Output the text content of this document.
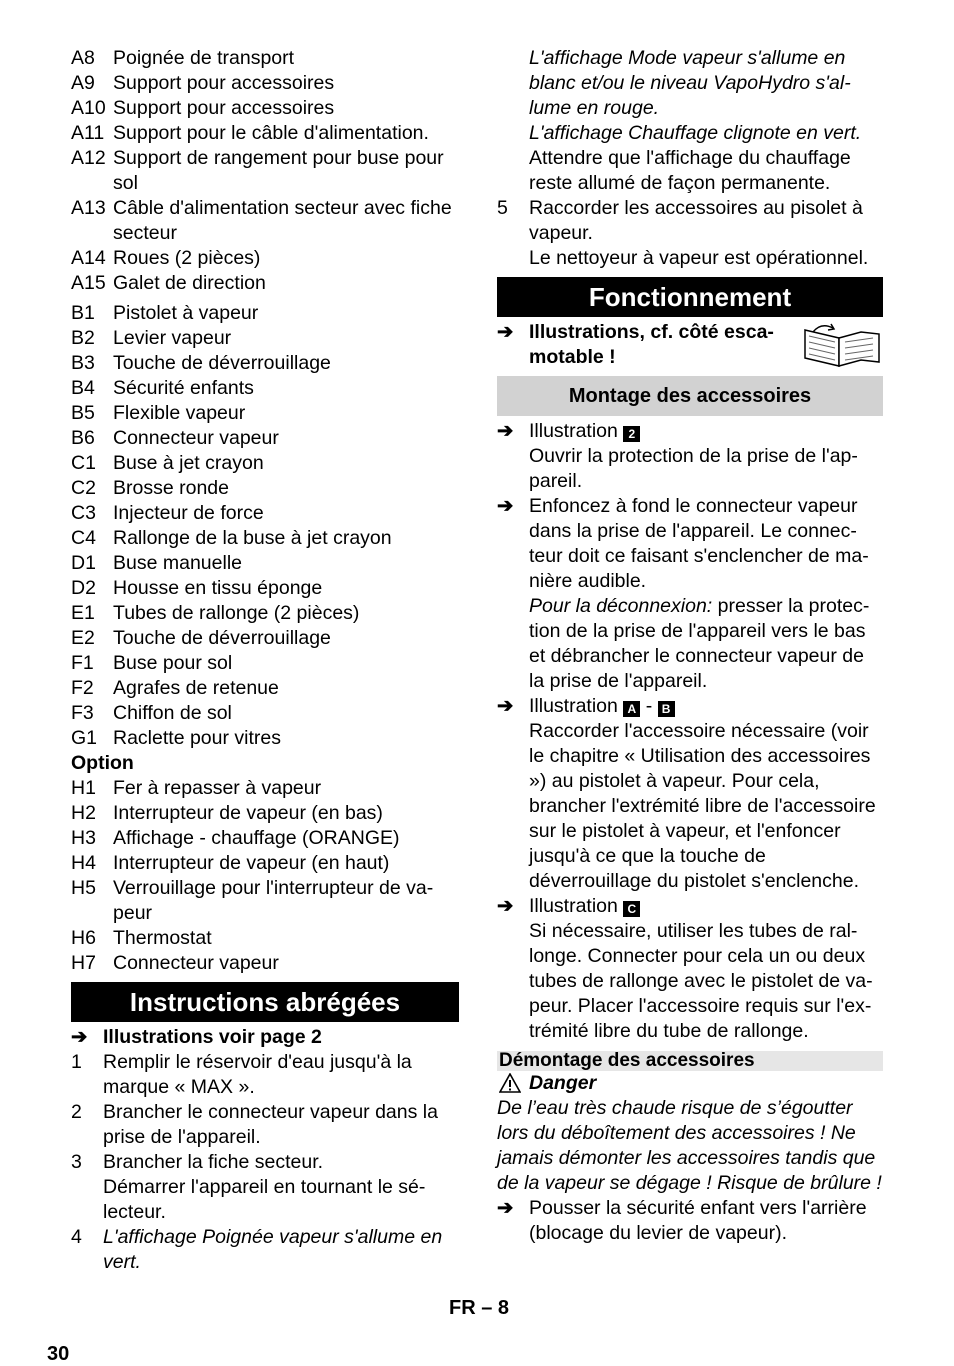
A8 Poignée de transport
A9 Support pour accessoires
A10 Support pour accessoires
A11 Support pour le câble d'alimentation.
A12 Support de rangement pour buse pour sol
A13 Câble d'alimentation secteur avec fiche secteur
A14 Roues (2 pièces)
A15 Galet de direction
B1 Pistolet à vapeur
B2 Levier vapeur
B3 Touche de déverrouillage
B4 Sécurité enfants
B5 Flexible vapeur
B6 Connecteur vapeur
C1 Buse à jet crayon
C2 Brosse ronde
C3 Injecteur de force
C4 Rallonge de la buse à jet crayon
D1 Buse manuelle
D2 Housse en tissu éponge
E1 Tubes de rallonge (2 pièces)
E2 Touche de déverrouillage
F1 Buse pour sol
F2 Agrafes de retenue
F3 Chiffon de sol
G1 Raclette pour vitres
Option
H1 Fer à repasser à vapeur
H2 Interrupteur de vapeur (en bas)
H3 Affichage - chauffage (ORANGE)
H4 Interrupteur de vapeur (en haut)
H5 Verrouillage pour l'interrupteur de va-peur
H6 Thermostat
H7 Connecteur vapeur
Instructions abrégées
➔ Illustrations voir page 2
1	Remplir le réservoir d'eau jusqu'à la marque « MAX ».
2	Brancher le connecteur vapeur dans la prise de l'appareil.
3	Brancher la fiche secteur.
Démarrer l'appareil en tournant le sé-lecteur.
4	L'affichage Poignée vapeur s'allume en vert.
30
L'affichage Mode vapeur s'allume en blanc et/ou le niveau VapoHydro s'al-lume en rouge.
L'affichage Chauffage clignote en vert.
Attendre que l'affichage du chauffage reste allumé de façon permanente.
5	Raccorder les accessoires au pisolet à vapeur.
Le nettoyeur à vapeur est opérationnel.
Fonctionnement
➔ Illustrations, cf. côté esca-motable !
Montage des accessoires
➔ Illustration 2
Ouvrir la protection de la prise de l'ap-pareil.
➔ Enfoncez à fond le connecteur vapeur dans la prise de l'appareil. Le connec-teur doit ce faisant s'enclencher de ma-nière audible.
Pour la déconnexion: presser la protec-tion de la prise de l'appareil vers le bas et débrancher le connecteur vapeur de la prise de l'appareil.
➔ Illustration A - B
Raccorder l'accessoire nécessaire (voir le chapitre « Utilisation des accessoires ») au pistolet à vapeur. Pour cela, brancher l'extrémité libre de l'accessoire sur le pistolet à vapeur, et l'enfoncer jusqu'à ce que la touche de déverrouillage du pistolet s'enclenche.
➔ Illustration C
Si nécessaire, utiliser les tubes de ral-longe. Connecter pour cela un ou deux tubes de rallonge avec le pistolet de va-peur. Placer l'accessoire requis sur l'ex-trémité libre du tube de rallonge.
Démontage des accessoires
Danger
De l’eau très chaude risque de s’égoutter lors du déboîtement des accessoires ! Ne jamais démonter les accessoires tandis que de la vapeur se dégage ! Risque de brûlure !
➔ Pousser la sécurité enfant vers l'arrière (blocage du levier de vapeur).
FR – 8
